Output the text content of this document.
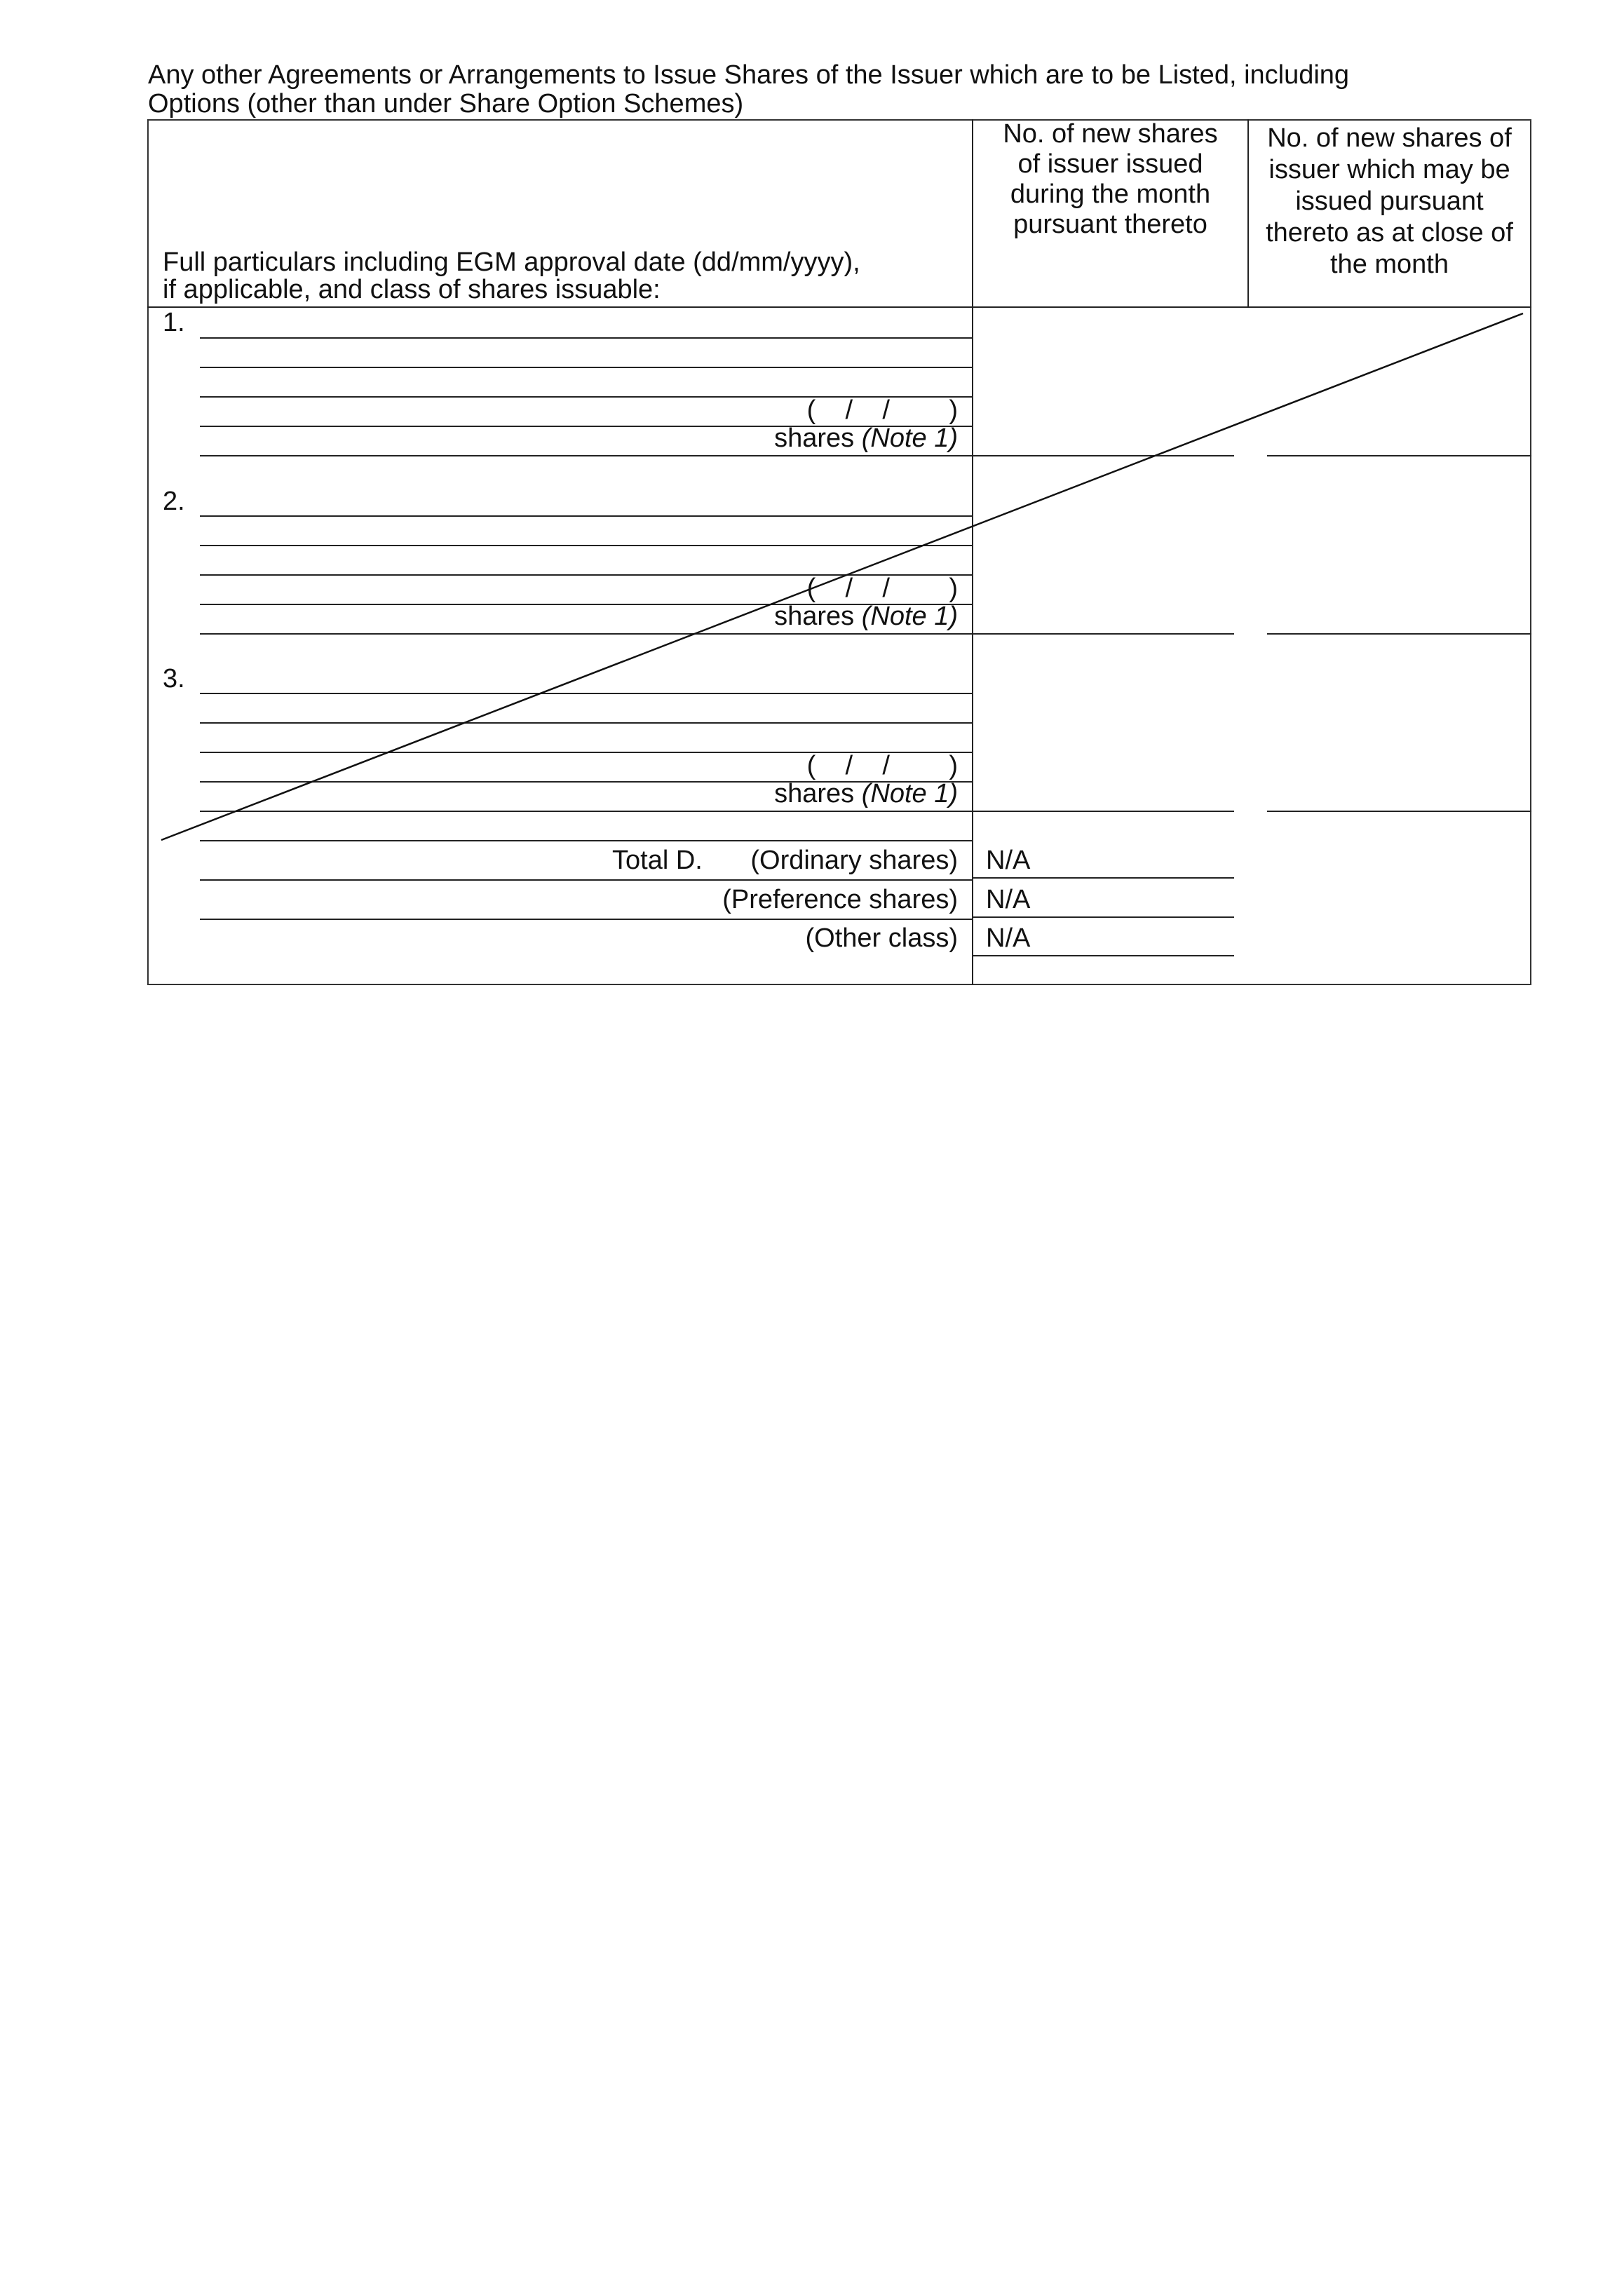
Any other Agreements or Arrangements to Issue Shares of the Issuer which are to be Listed, including
Options (other than under Share Option Schemes)
Full particulars including EGM approval date (dd/mm/yyyy),
if applicable, and class of shares issuable:
No. of new shares
of issuer issued
during the month
pursuant thereto
No. of new shares of
issuer which may be
issued pursuant
thereto as at close of
the month
1.
(    /    /        )
shares (Note 1)
2.
(    /    /        )
shares (Note 1)
3.
(    /    /        )
shares (Note 1)
Total D.	(Ordinary shares) N/A
(Preference shares) N/A
(Other class) N/A
